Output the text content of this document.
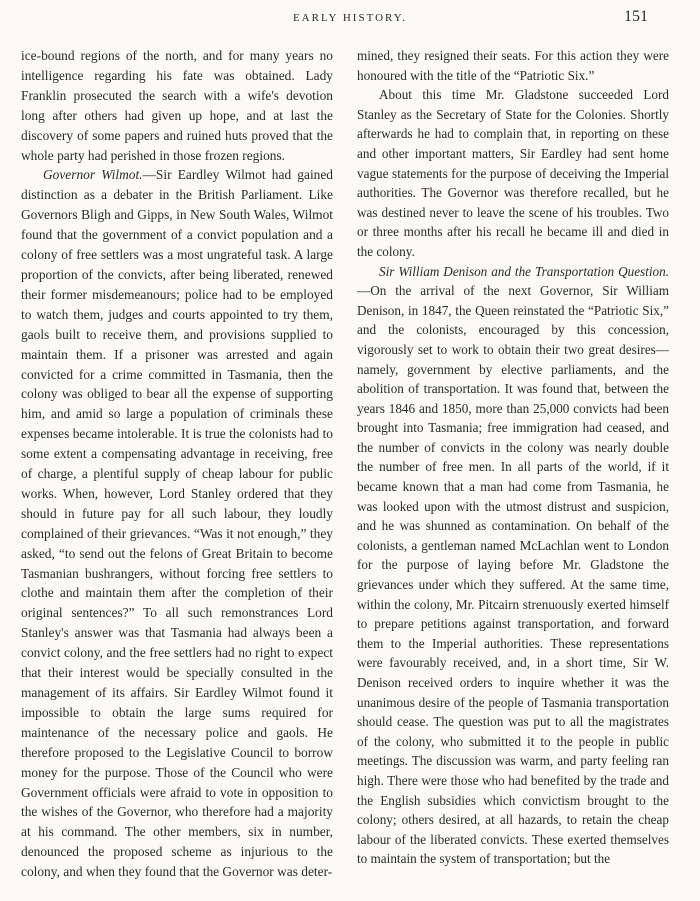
EARLY HISTORY.	151

ice-bound regions of the north, and for many years no intelligence regarding his fate was obtained. Lady Franklin prosecuted the search with a wife's devotion long after others had given up hope, and at last the discovery of some papers and ruined huts proved that the whole party had perished in those frozen regions.

Governor Wilmot.—Sir Eardley Wilmot had gained distinction as a debater in the British Parliament. Like Governors Bligh and Gipps, in New South Wales, Wilmot found that the government of a convict population and a colony of free settlers was a most ungrateful task. A large proportion of the convicts, after being liberated, renewed their former misdemeanours; police had to be employed to watch them, judges and courts appointed to try them, gaols built to receive them, and provisions supplied to maintain them. If a prisoner was arrested and again convicted for a crime committed in Tasmania, then the colony was obliged to bear all the expense of supporting him, and amid so large a population of criminals these expenses became intolerable. It is true the colonists had to some extent a compensating advantage in receiving, free of charge, a plentiful supply of cheap labour for public works. When, however, Lord Stanley ordered that they should in future pay for all such labour, they loudly complained of their grievances. “Was it not enough,” they asked, “to send out the felons of Great Britain to become Tasmanian bushrangers, without forcing free settlers to clothe and maintain them after the completion of their original sentences?” To all such remonstrances Lord Stanley's answer was that Tasmania had always been a convict colony, and the free settlers had no right to expect that their interest would be specially consulted in the management of its affairs. Sir Eardley Wilmot found it impossible to obtain the large sums required for maintenance of the necessary police and gaols. He therefore proposed to the Legislative Council to borrow money for the purpose. Those of the Council who were Government officials were afraid to vote in opposition to the wishes of the Governor, who therefore had a majority at his command. The other members, six in number, denounced the proposed scheme as injurious to the colony, and when they found that the Governor was deter-

mined, they resigned their seats. For this action they were honoured with the title of the “Patriotic Six.”

About this time Mr. Gladstone succeeded Lord Stanley as the Secretary of State for the Colonies. Shortly afterwards he had to complain that, in reporting on these and other important matters, Sir Eardley had sent home vague statements for the purpose of deceiving the Imperial authorities. The Governor was therefore recalled, but he was destined never to leave the scene of his troubles. Two or three months after his recall he became ill and died in the colony.

Sir William Denison and the Transportation Question.—On the arrival of the next Governor, Sir William Denison, in 1847, the Queen reinstated the “Patriotic Six,” and the colonists, encouraged by this concession, vigorously set to work to obtain their two great desires—namely, government by elective parliaments, and the abolition of transportation. It was found that, between the years 1846 and 1850, more than 25,000 convicts had been brought into Tasmania; free immigration had ceased, and the number of convicts in the colony was nearly double the number of free men. In all parts of the world, if it became known that a man had come from Tasmania, he was looked upon with the utmost distrust and suspicion, and he was shunned as contamination. On behalf of the colonists, a gentleman named McLachlan went to London for the purpose of laying before Mr. Gladstone the grievances under which they suffered. At the same time, within the colony, Mr. Pitcairn strenuously exerted himself to prepare petitions against transportation, and forward them to the Imperial authorities. These representations were favourably received, and, in a short time, Sir W. Denison received orders to inquire whether it was the unanimous desire of the people of Tasmania transportation should cease. The question was put to all the magistrates of the colony, who submitted it to the people in public meetings. The discussion was warm, and party feeling ran high. There were those who had benefited by the trade and the English subsidies which convictism brought to the colony; others desired, at all hazards, to retain the cheap labour of the liberated convicts. These exerted themselves to maintain the system of transportation; but the
